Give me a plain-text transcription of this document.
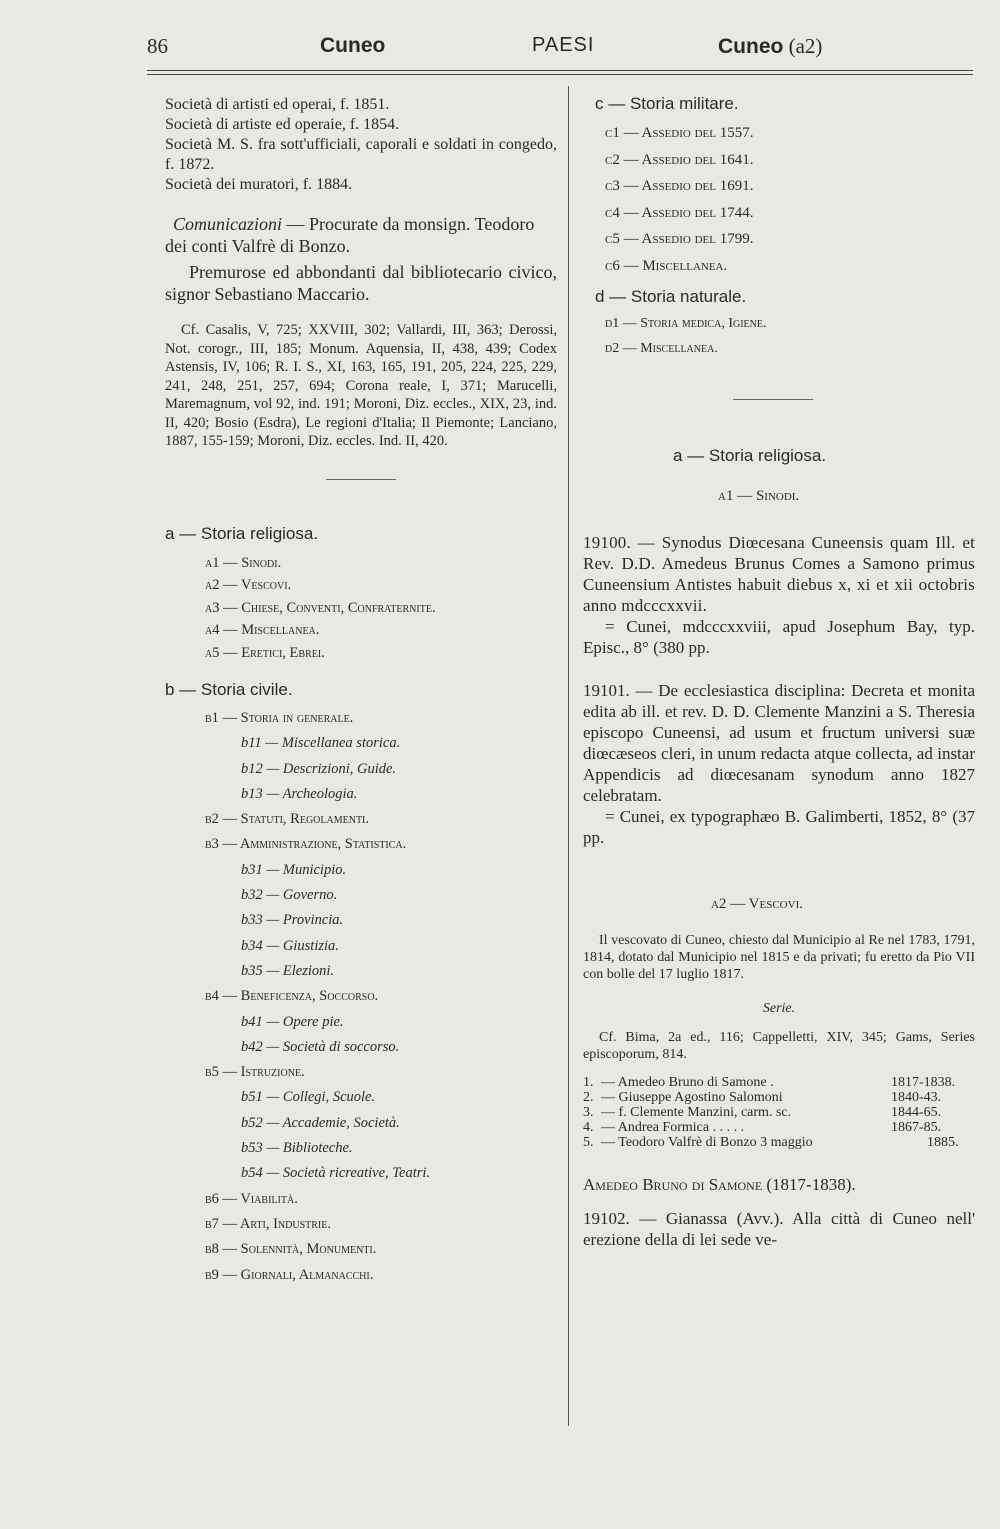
86	Cuneo	PAESI	Cuneo (a2)

Società di artisti ed operai, f. 1851.

Società di artiste ed operaie, f. 1854.

Società M. S. fra sott'ufficiali, caporali e soldati in congedo, f. 1872.

Società dei muratori, f. 1884.

Comunicazioni — Procurate da monsign. Teodoro dei conti Valfrè di Bonzo.

Premurose ed abbondanti dal bibliotecario civico, signor Sebastiano Maccario.

Cf. Casalis, V, 725; XXVIII, 302; Vallardi, III, 363; Derossi, Not. corogr., III, 185; Monum. Aquensia, II, 438, 439; Codex Astensis, IV, 106; R. I. S., XI, 163, 165, 191, 205, 224, 225, 229, 241, 248, 251, 257, 694; Corona reale, I, 371; Marucelli, Maremagnum, vol 92, ind. 191; Moroni, Diz. eccles., XIX, 23, ind. II, 420; Bosio (Esdra), Le regioni d'Italia; Il Piemonte; Lanciano, 1887, 155-159; Moroni, Diz. eccles. Ind. II, 420.

a — Storia religiosa.

a1 — Sinodi.
a2 — Vescovi.
a3 — Chiese, Conventi, Confraternite.
a4 — Miscellanea.
a5 — Eretici, Ebrei.

b — Storia civile.

b1 — Storia in generale.
b11 — Miscellanea storica.
b12 — Descrizioni, Guide.
b13 — Archeologia.
b2 — Statuti, Regolamenti.
b3 — Amministrazione, Statistica.
b31 — Municipio.
b32 — Governo.
b33 — Provincia.
b34 — Giustizia.
b35 — Elezioni.
b4 — Beneficenza, Soccorso.
b41 — Opere pie.
b42 — Società di soccorso.
b5 — Istruzione.
b51 — Collegi, Scuole.
b52 — Accademie, Società.
b53 — Biblioteche.
b54 — Società ricreative, Teatri.
b6 — Viabilità.
b7 — Arti, Industrie.
b8 — Solennità, Monumenti.
b9 — Giornali, Almanacchi.

c — Storia militare.

c1 — Assedio del 1557.
c2 — Assedio del 1641.
c3 — Assedio del 1691.
c4 — Assedio del 1744.
c5 — Assedio del 1799.
c6 — Miscellanea.

d — Storia naturale.

d1 — Storia medica, Igiene.
d2 — Miscellanea.

a — Storia religiosa.

a1 — Sinodi.

19100. — Synodus Diœcesana Cuneensis quam Ill. et Rev. D.D. Amedeus Brunus Comes a Samono primus Cuneensium Antistes habuit diebus x, xi et xii octobris anno mdcccxxvii.

= Cunei, mdcccxxviii, apud Josephum Bay, typ. Episc., 8° (380 pp.

19101. — De ecclesiastica disciplina: Decreta et monita edita ab ill. et rev. D. D. Clemente Manzini a S. Theresia episcopo Cuneensi, ad usum et fructum universi suæ diœcæseos cleri, in unum redacta atque collecta, ad instar Appendicis ad diœcesanam synodum anno 1827 celebratam.

= Cunei, ex typographæo B. Galimberti, 1852, 8° (37 pp.

a2 — Vescovi.

Il vescovato di Cuneo, chiesto dal Municipio al Re nel 1783, 1791, 1814, dotato dal Municipio nel 1815 e da privati; fu eretto da Pio VII con bolle del 17 luglio 1817.

Serie.

Cf. Bima, 2a ed., 116; Cappelletti, XIV, 345; Gams, Series episcoporum, 814.

1. — Amedeo Bruno di Samone .	1817-1838.
2. — Giuseppe Agostino Salomoni	1840-43.
3. — f. Clemente Manzini, carm. sc.	1844-65.
4. — Andrea Formica . . . . .	1867-85.
5. — Teodoro Valfrè di Bonzo 3 maggio	1885.

Amedeo Bruno di Samone (1817-1838).

19102. — Gianassa (Avv.). Alla città di Cuneo nell' erezione della di lei sede ve-
